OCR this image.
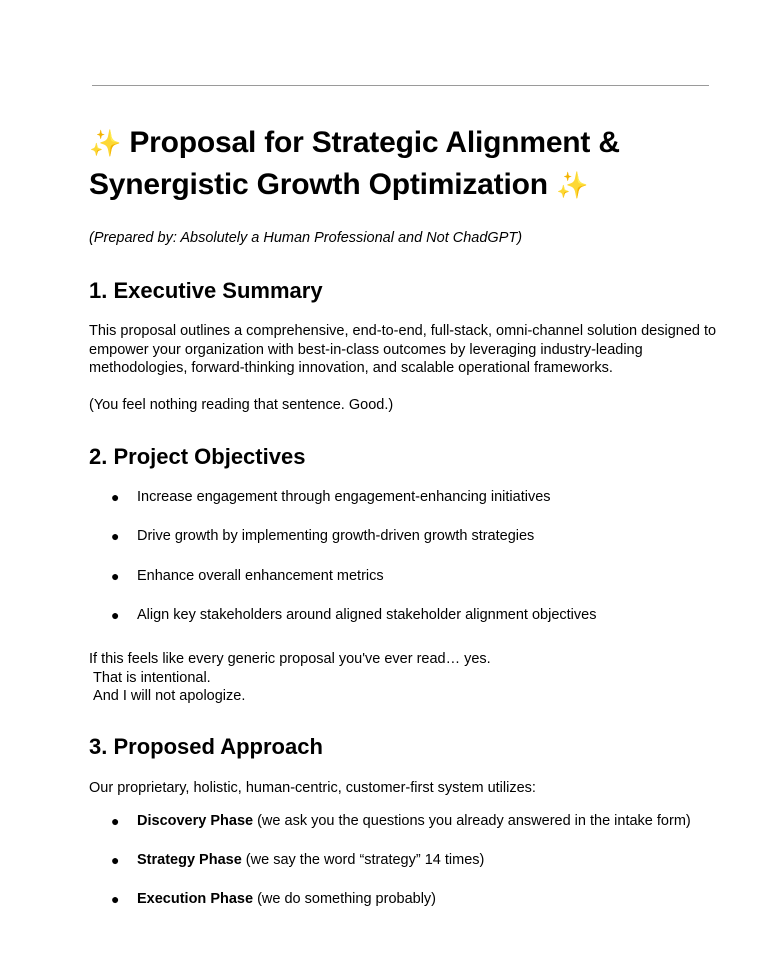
✨ Proposal for Strategic Alignment &
Synergistic Growth Optimization ✨

(Prepared by: Absolutely a Human Professional and Not ChadGPT)

1. Executive Summary

This proposal outlines a comprehensive, end-to-end, full-stack, omni-channel solution designed to empower your organization with best-in-class outcomes by leveraging industry-leading methodologies, forward-thinking innovation, and scalable operational frameworks.

(You feel nothing reading that sentence. Good.)

2. Project Objectives
● Increase engagement through engagement-enhancing initiatives
● Drive growth by implementing growth-driven growth strategies
● Enhance overall enhancement metrics
● Align key stakeholders around aligned stakeholder alignment objectives

If this feels like every generic proposal you've ever read… yes.
That is intentional.
And I will not apologize.

3. Proposed Approach

Our proprietary, holistic, human-centric, customer-first system utilizes:

● Discovery Phase (we ask you the questions you already answered in the intake form)
● Strategy Phase (we say the word “strategy” 14 times)
● Execution Phase (we do something probably)
